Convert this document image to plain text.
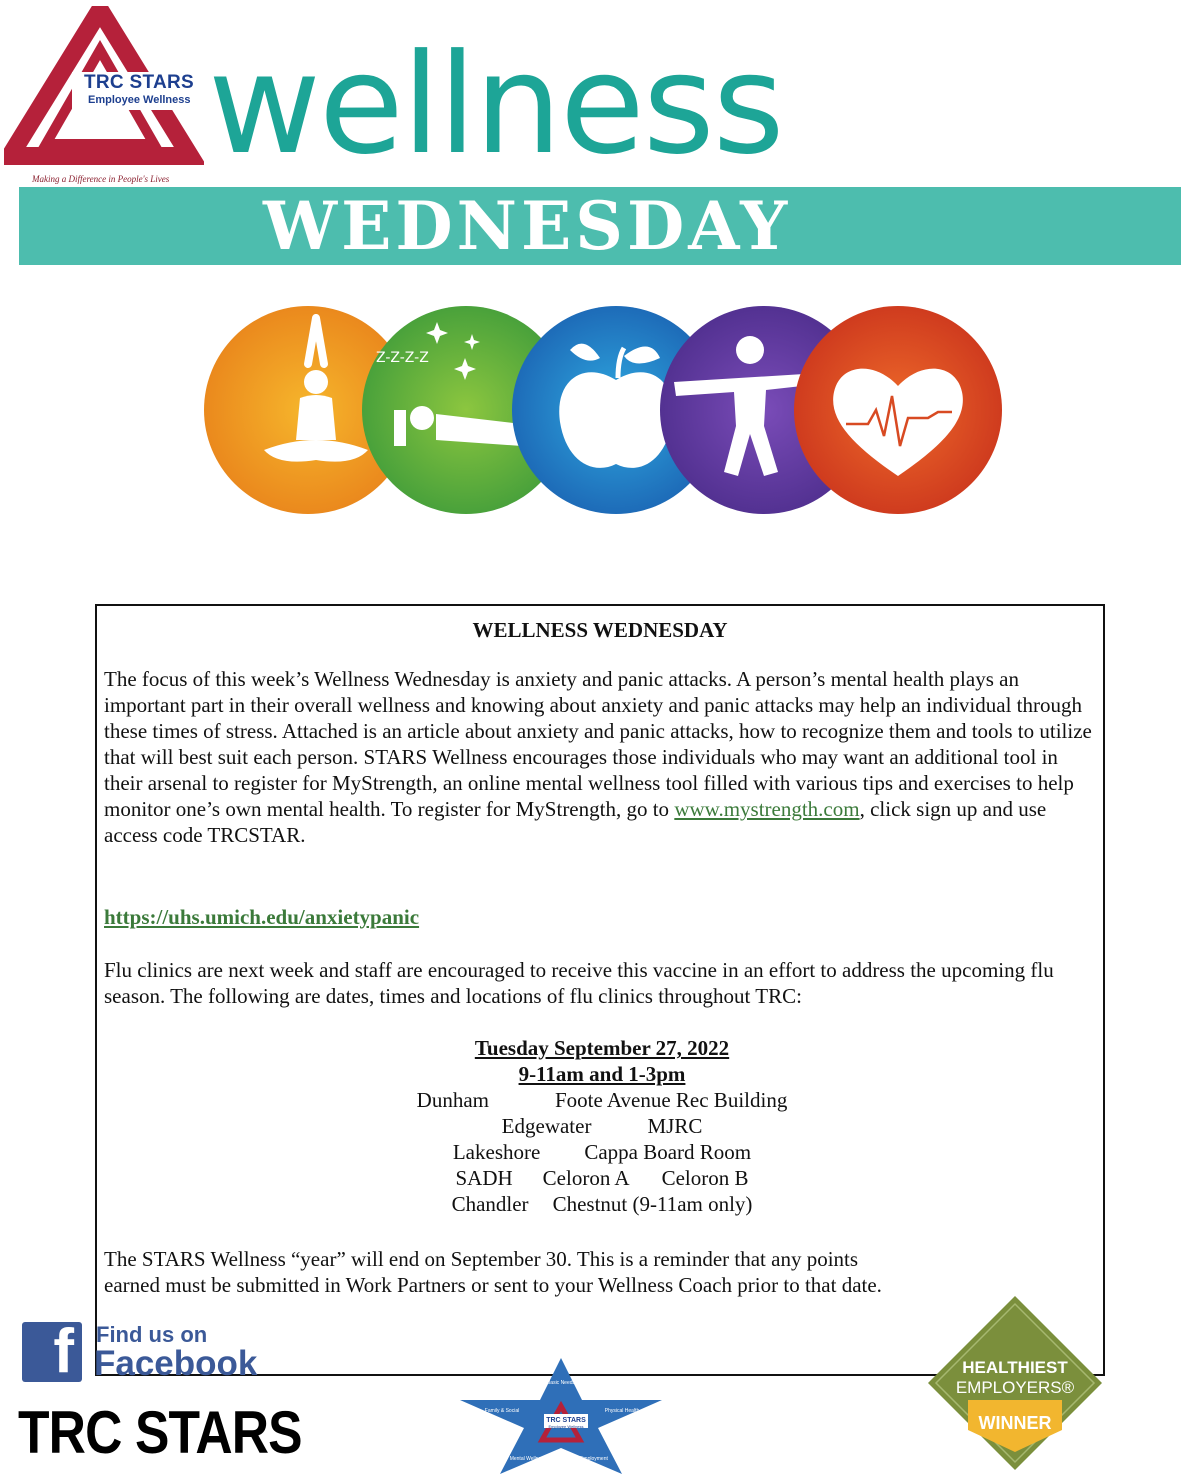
TRC STARS
Employee Wellness
Making a Difference in People's Lives wellness
WEDNESDAY
Z-Z-Z-Z
WELLNESS WEDNESDAY

The focus of this week’s Wellness Wednesday is anxiety and panic attacks. A person’s mental health plays an important part in their overall wellness and knowing about anxiety and panic attacks may help an individual through these times of stress. Attached is an article about anxiety and panic attacks, how to recognize them and tools to utilize that will best suit each person. STARS Wellness encourages those individuals who may want an additional tool in their arsenal to register for MyStrength, an online mental wellness tool filled with various tips and exercises to help monitor one’s own mental health. To register for MyStrength, go to www.mystrength.com, click sign up and use access code TRCSTAR.

https://uhs.umich.edu/anxietypanic

Flu clinics are next week and staff are encouraged to receive this vaccine in an effort to address the upcoming flu season. The following are dates, times and locations of flu clinics throughout TRC:

Tuesday September 27, 2022
9-11am and 1-3pm
Dunham	Foote Avenue Rec Building
Edgewater	MJRC
Lakeshore Cappa Board Room
SADH Celoron A Celoron B
Chandler Chestnut (9-11am only)

The STARS Wellness “year” will end on September 30. This is a reminder that any points earned must be submitted in Work Partners or sent to your Wellness Coach prior to that date.

f	Find us on
Facebook
TRC STARS	TRC STARS
Employee Wellness
Basic Needs
Family & Social	Physical Health
Mental Wellness	Employment
HEALTHIEST
EMPLOYERS®
WINNER
